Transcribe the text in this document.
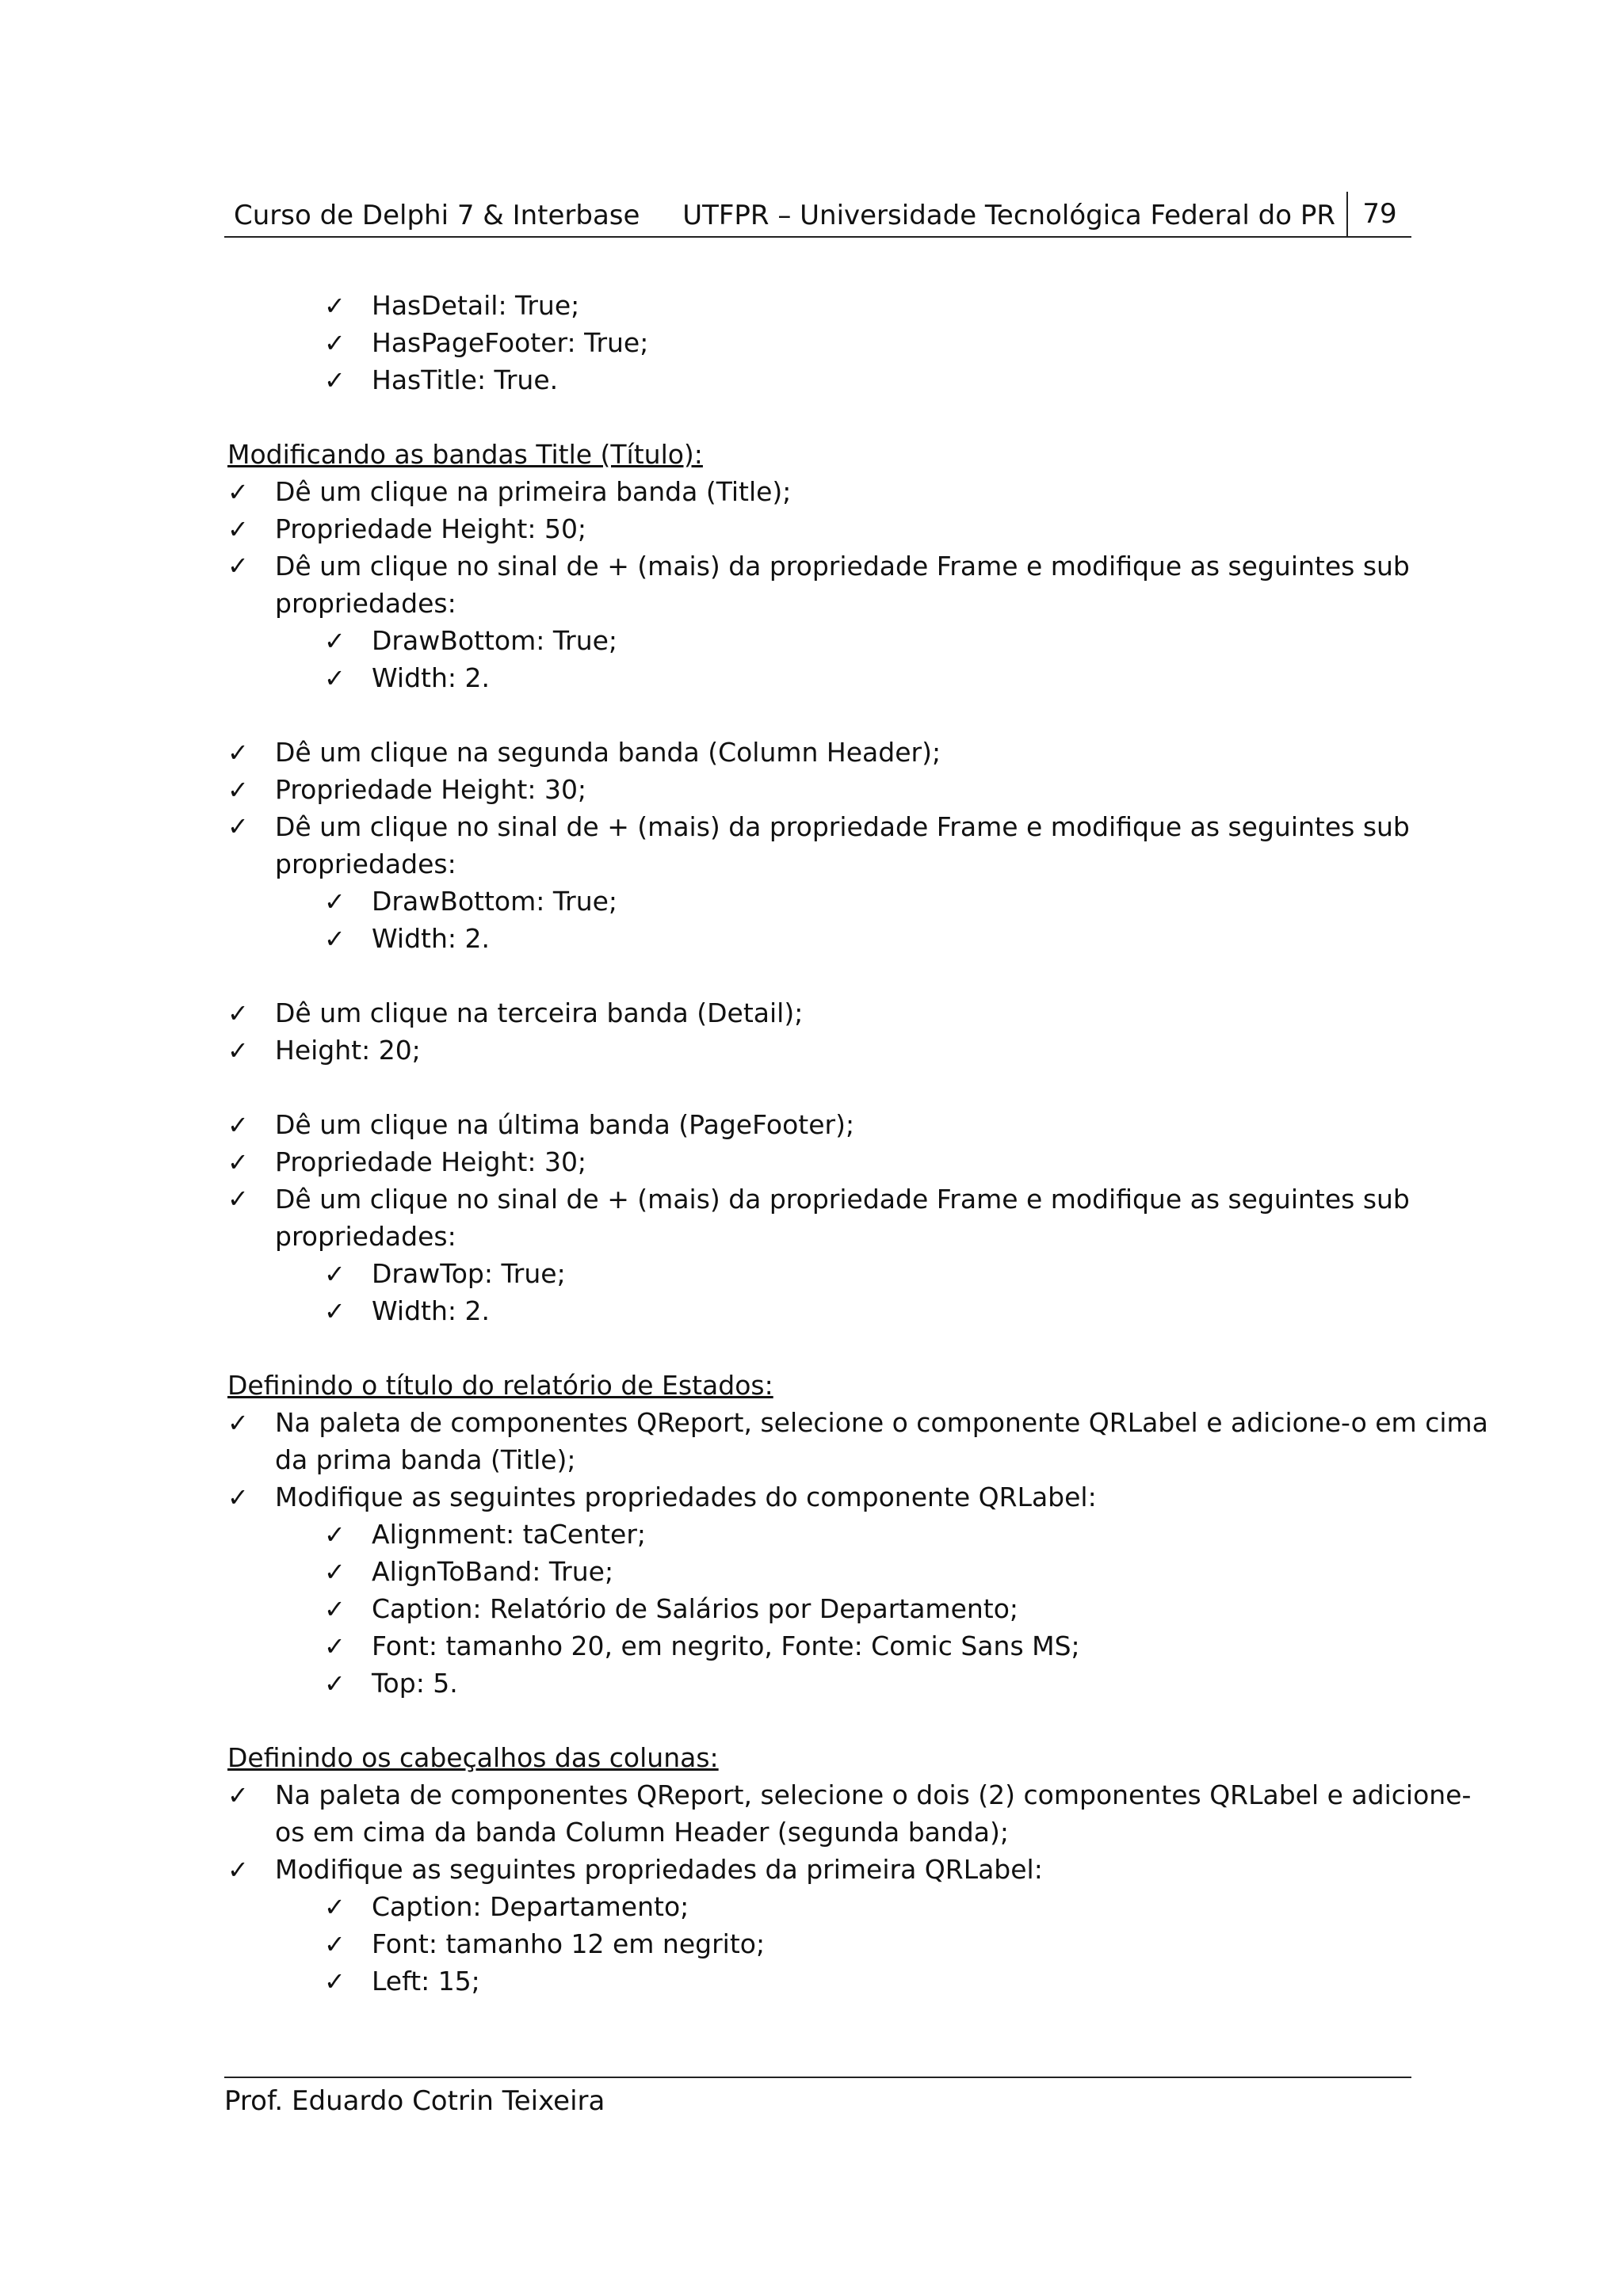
Curso de Delphi 7 & Interbase UTFPR – Universidade Tecnológica Federal do PR	79
✓ HasDetail: True;
✓ HasPageFooter: True;
✓ HasTitle: True.
Modificando as bandas Title (Título):
✓ Dê um clique na primeira banda (Title);
✓ Propriedade Height: 50;
✓	Dê um clique no sinal de + (mais) da propriedade Frame e modifique as seguintes sub
propriedades:
✓ DrawBottom: True;
✓ Width: 2.
✓ Dê um clique na segunda banda (Column Header);
✓ Propriedade Height: 30;
✓	Dê um clique no sinal de + (mais) da propriedade Frame e modifique as seguintes sub
propriedades:
✓ DrawBottom: True;
✓ Width: 2.
✓ Dê um clique na terceira banda (Detail);
✓ Height: 20;
✓ Dê um clique na última banda (PageFooter);
✓ Propriedade Height: 30;
✓	Dê um clique no sinal de + (mais) da propriedade Frame e modifique as seguintes sub
propriedades:
✓ DrawTop: True;
✓ Width: 2.
Definindo o título do relatório de Estados:
✓ Na paleta de componentes QReport, selecione o componente QRLabel e adicione-o em cima
da prima banda (Title);
✓ Modifique as seguintes propriedades do componente QRLabel:
✓ Alignment: taCenter;
✓ AlignToBand: True;
✓ Caption: Relatório de Salários por Departamento;
✓ Font: tamanho 20, em negrito, Fonte: Comic Sans MS;
✓ Top: 5.
Definindo os cabeçalhos das colunas:
✓ Na paleta de componentes QReport, selecione o dois (2) componentes QRLabel e adicione-
os em cima da banda Column Header (segunda banda);
✓ Modifique as seguintes propriedades da primeira QRLabel:
✓ Caption: Departamento;
✓ Font: tamanho 12 em negrito;
✓ Left: 15;
Prof. Eduardo Cotrin Teixeira
